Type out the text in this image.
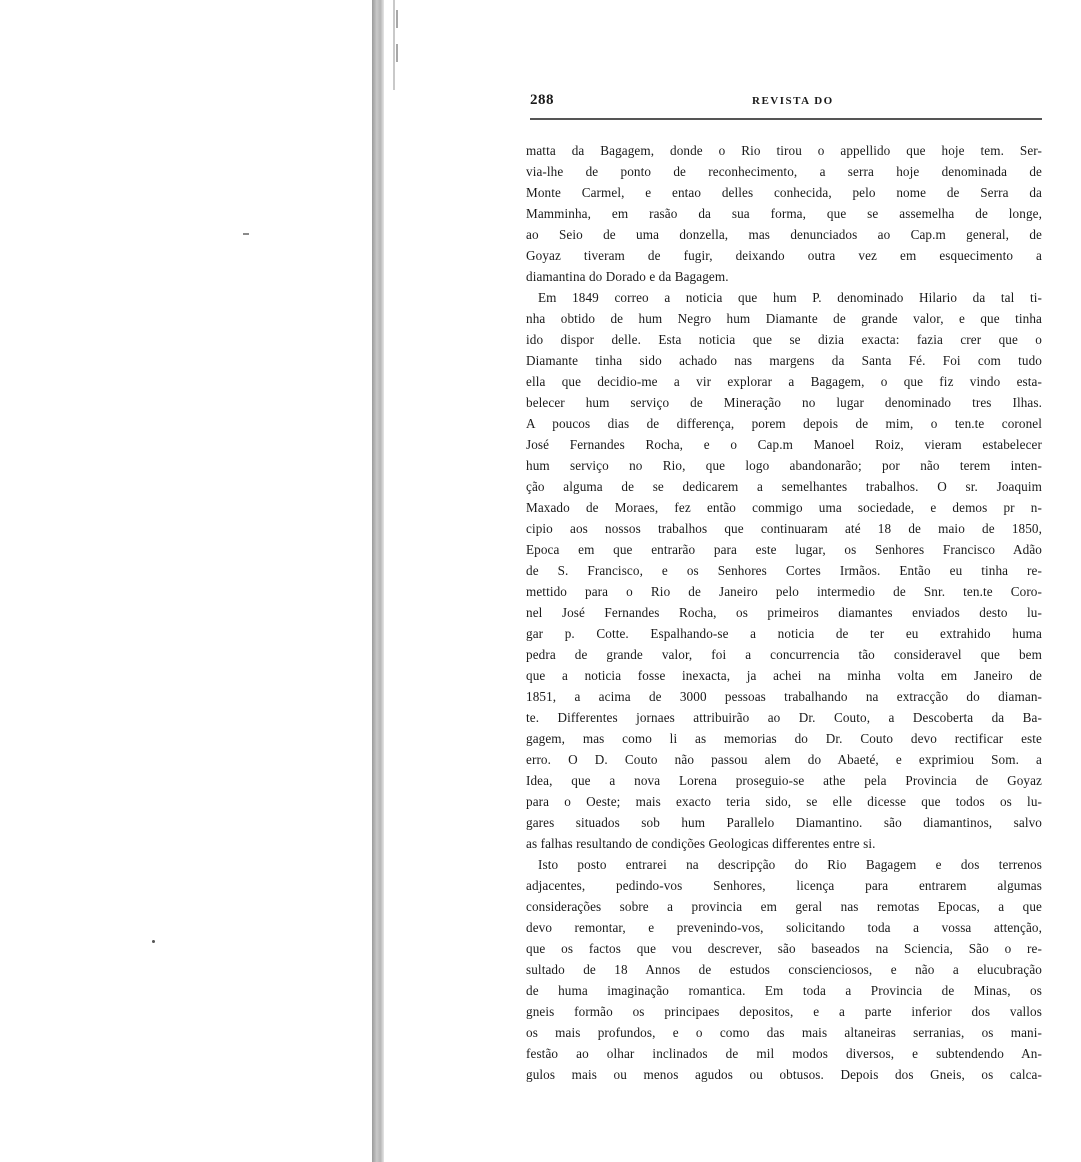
288	REVISTA DO
matta da Bagagem, donde o Rio tirou o appellido que hoje tem. Ser-
via-lhe de ponto de reconhecimento, a serra hoje denominada de
Monte Carmel, e entao delles conhecida, pelo nome de Serra da
Mamminha, em rasão da sua forma, que se assemelha de longe,
ao Seio de uma donzella, mas denunciados ao Cap.m general, de
Goyaz tiveram de fugir, deixando outra vez em esquecimento a
diamantina do Dorado e da Bagagem.
Em 1849 correo a noticia que hum P. denominado Hilario da tal ti-
nha obtido de hum Negro hum Diamante de grande valor, e que tinha
ido dispor delle. Esta noticia que se dizia exacta: fazia crer que o
Diamante tinha sido achado nas margens da Santa Fé. Foi com tudo
ella que decidio-me a vir explorar a Bagagem, o que fiz vindo esta-
belecer hum serviço de Mineração no lugar denominado tres Ilhas.
A poucos dias de differença, porem depois de mim, o ten.te coronel
José Fernandes Rocha, e o Cap.m Manoel Roiz, vieram estabelecer
hum serviço no Rio, que logo abandonarão; por não terem inten-
ção alguma de se dedicarem a semelhantes trabalhos. O sr. Joaquim
Maxado de Moraes, fez então commigo uma sociedade, e demos pr n-
cipio aos nossos trabalhos que continuaram até 18 de maio de 1850,
Epoca em que entrarão para este lugar, os Senhores Francisco Adão
de S. Francisco, e os Senhores Cortes Irmãos. Então eu tinha re-
mettido para o Rio de Janeiro pelo intermedio de Snr. ten.te Coro-
nel José Fernandes Rocha, os primeiros diamantes enviados desto lu-
gar p. Cotte. Espalhando-se a noticia de ter eu extrahido huma
pedra de grande valor, foi a concurrencia tão consideravel que bem
que a noticia fosse inexacta, ja achei na minha volta em Janeiro de
1851, a acima de 3000 pessoas trabalhando na extracção do diaman-
te. Differentes jornaes attribuirão ao Dr. Couto, a Descoberta da Ba-
gagem, mas como li as memorias do Dr. Couto devo rectificar este
erro. O D. Couto não passou alem do Abaeté, e exprimiou Som. a
Idea, que a nova Lorena proseguio-se athe pela Provincia de Goyaz
para o Oeste; mais exacto teria sido, se elle dicesse que todos os lu-
gares situados sob hum Parallelo Diamantino. são diamantinos, salvo
as falhas resultando de condições Geologicas differentes entre si.
Isto posto entrarei na descripção do Rio Bagagem e dos terrenos
adjacentes, pedindo-vos Senhores, licença para entrarem algumas
considerações sobre a provincia em geral nas remotas Epocas, a que
devo remontar, e prevenindo-vos, solicitando toda a vossa attenção,
que os factos que vou descrever, são baseados na Sciencia, São o re-
sultado de 18 Annos de estudos conscienciosos, e não a elucubração
de huma imaginação romantica. Em toda a Provincia de Minas, os
gneis formão os principaes depositos, e a parte inferior dos vallos
os mais profundos, e o como das mais altaneiras serranias, os mani-
festão ao olhar inclinados de mil modos diversos, e subtendendo An-
gulos mais ou menos agudos ou obtusos. Depois dos Gneis, os calca-
